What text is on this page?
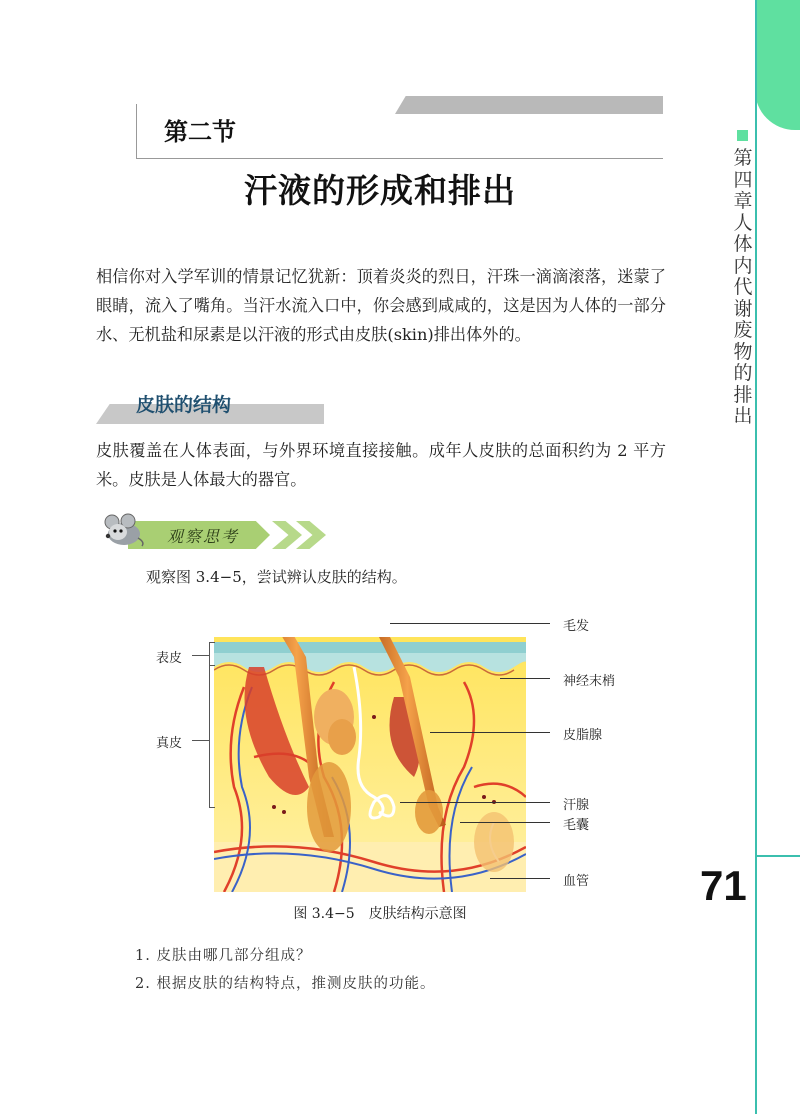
第四章 人体内代谢废物的排出
71
第二节
汗液的形成和排出
相信你对入学军训的情景记忆犹新：顶着炎炎的烈日，汗珠一滴滴滚落，迷蒙了眼睛，流入了嘴角。当汗水流入口中，你会感到咸咸的，这是因为人体的一部分水、无机盐和尿素是以汗液的形式由皮肤(skin)排出体外的。
皮肤的结构
皮肤覆盖在人体表面，与外界环境直接接触。成年人皮肤的总面积约为 2 平方米。皮肤是人体最大的器官。
观察思考
观察图 3.4−5，尝试辨认皮肤的结构。
表皮
真皮
毛发
神经末梢
皮脂腺
汗腺
毛囊
血管
图 3.4−5　皮肤结构示意图
1. 皮肤由哪几部分组成？
2. 根据皮肤的结构特点，推测皮肤的功能。
